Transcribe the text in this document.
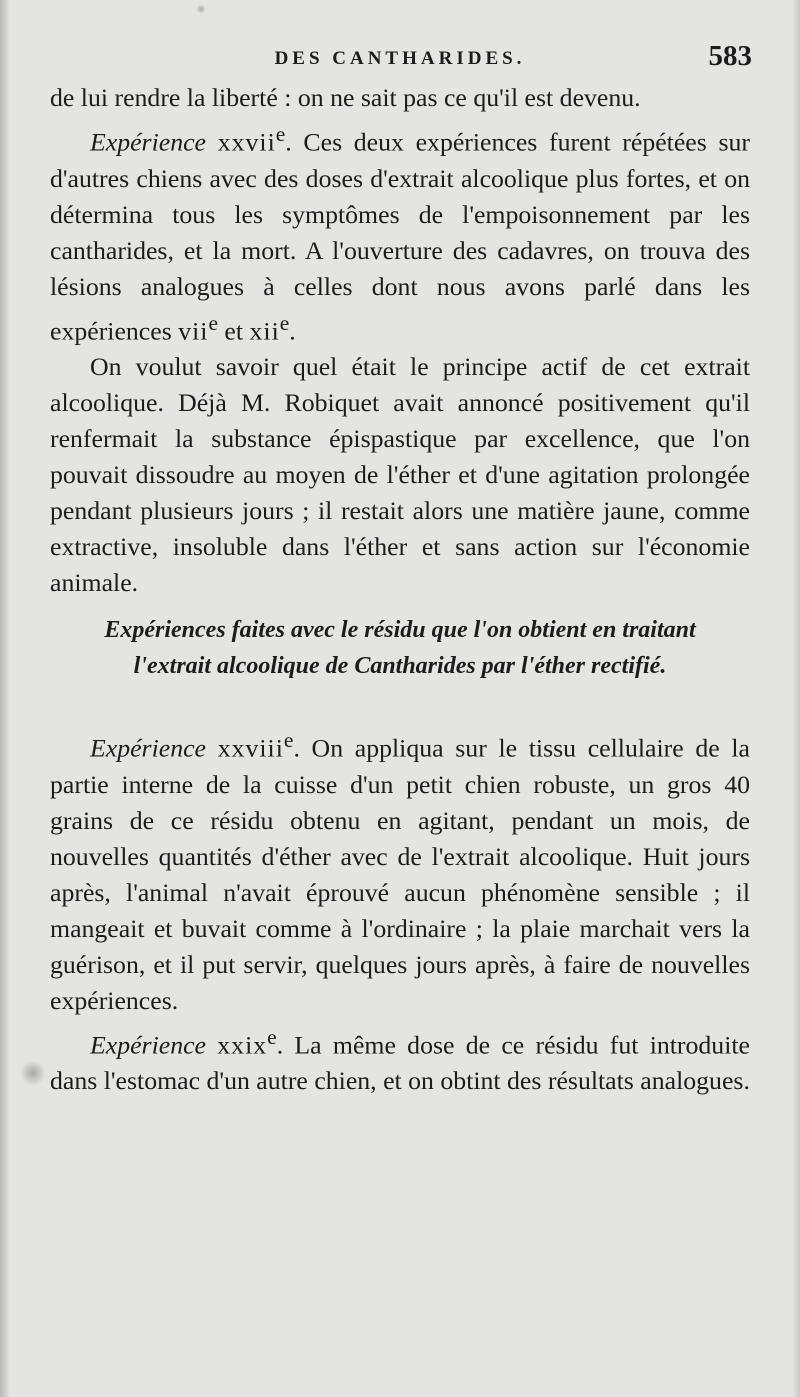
DES CANTHARIDES.	583

de lui rendre la liberté : on ne sait pas ce qu'il est devenu.

Expérience xxvii$^e$. Ces deux expériences furent répétées sur d'autres chiens avec des doses d'extrait alcoolique plus fortes, et on détermina tous les symptômes de l'empoisonnement par les cantharides, et la mort. A l'ouverture des cadavres, on trouva des lésions analogues à celles dont nous avons parlé dans les expériences vii$^e$ et xii$^e$.

On voulut savoir quel était le principe actif de cet extrait alcoolique. Déjà M. Robiquet avait annoncé positivement qu'il renfermait la substance épispastique par excellence, que l'on pouvait dissoudre au moyen de l'éther et d'une agitation prolongée pendant plusieurs jours ; il restait alors une matière jaune, comme extractive, insoluble dans l'éther et sans action sur l'économie animale.

Expériences faites avec le résidu que l'on obtient en traitant
l'extrait alcoolique de Cantharides par l'éther rectifié.

Expérience xxviii$^e$. On appliqua sur le tissu cellulaire de la partie interne de la cuisse d'un petit chien robuste, un gros 40 grains de ce résidu obtenu en agitant, pendant un mois, de nouvelles quantités d'éther avec de l'extrait alcoolique. Huit jours après, l'animal n'avait éprouvé aucun phénomène sensible ; il mangeait et buvait comme à l'ordinaire ; la plaie marchait vers la guérison, et il put servir, quelques jours après, à faire de nouvelles expériences.

Expérience xxix$^e$. La même dose de ce résidu fut introduite dans l'estomac d'un autre chien, et on obtint des résultats analogues.
